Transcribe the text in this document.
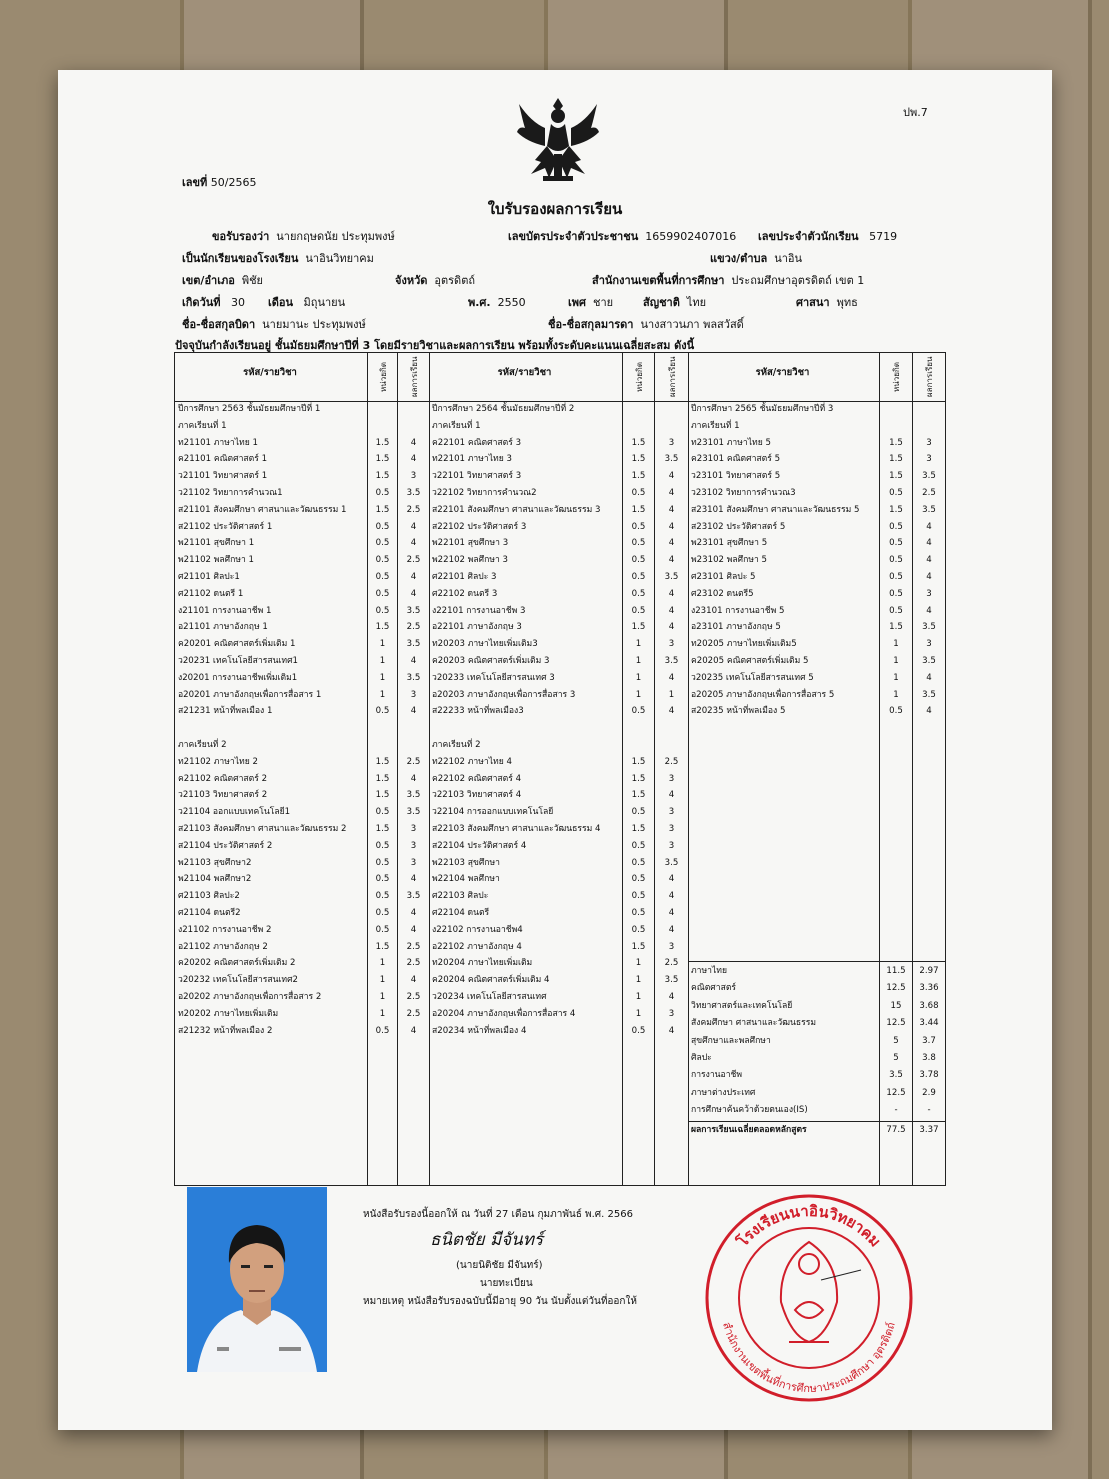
ปพ.7
เลขที่ 50/2565
ใบรับรองผลการเรียน
ขอรับรองว่า นายกฤษดนัย ประทุมพงษ์	เลขบัตรประจำตัวประชาชน 1659902407016 เลขประจำตัวนักเรียน 5719
เป็นนักเรียนของโรงเรียน นาอินวิทยาคม	แขวง/ตำบล นาอิน
เขต/อำเภอ พิชัย	จังหวัด อุตรดิตถ์	สำนักงานเขตพื้นที่การศึกษา ประถมศึกษาอุตรดิตถ์ เขต 1
เกิดวันที่ 30 เดือน มิถุนายน	พ.ศ. 2550	เพศ ชาย	สัญชาติ ไทย	ศาสนา พุทธ
ชื่อ-ชื่อสกุลบิดา นายมานะ ประทุมพงษ์	ชื่อ-ชื่อสกุลมารดา นางสาวนภา พลสวัสดิ์
ปัจจุบันกำลังเรียนอยู่ ชั้นมัธยมศึกษาปีที่ 3 โดยมีรายวิชาและผลการเรียน พร้อมทั้งระดับคะแนนเฉลี่ยสะสม ดังนี้
รหัส/รายวิชา	หน่วยกิต	ผลการเรียน	รหัส/รายวิชา	หน่วยกิต	ผลการเรียน	รหัส/รายวิชา	หน่วยกิต	ผลการเรียน
ปีการศึกษา 2563 ชั้นมัธยมศึกษาปีที่ 1
ภาคเรียนที่ 1
ท21101 ภาษาไทย 1	1.5	4
ค21101 คณิตศาสตร์ 1	1.5	4
ว21101 วิทยาศาสตร์ 1	1.5	3
ว21102 วิทยาการคำนวณ1	0.5	3.5
ส21101 สังคมศึกษา ศาสนาและวัฒนธรรม 1	1.5	2.5
ส21102 ประวัติศาสตร์ 1	0.5	4
พ21101 สุขศึกษา 1	0.5	4
พ21102 พลศึกษา 1	0.5	2.5
ศ21101 ศิลปะ1	0.5	4
ศ21102 ดนตรี 1	0.5	4
ง21101 การงานอาชีพ 1	0.5	3.5
อ21101 ภาษาอังกฤษ 1	1.5	2.5
ค20201 คณิตศาสตร์เพิ่มเติม 1	1	3.5
ว20231 เทคโนโลยีสารสนเทศ1	1	4
ง20201 การงานอาชีพเพิ่มเติม1	1	3.5
อ20201 ภาษาอังกฤษเพื่อการสื่อสาร 1	1	3
ส21231 หน้าที่พลเมือง 1	0.5	4
ภาคเรียนที่ 2
ท21102 ภาษาไทย 2	1.5	2.5
ค21102 คณิตศาสตร์ 2	1.5	4
ว21103 วิทยาศาสตร์ 2	1.5	3.5
ว21104 ออกแบบเทคโนโลยี1	0.5	3.5
ส21103 สังคมศึกษา ศาสนาและวัฒนธรรม 2	1.5	3
ส21104 ประวัติศาสตร์ 2	0.5	3
พ21103 สุขศึกษา2	0.5	3
พ21104 พลศึกษา2	0.5	4
ศ21103 ศิลปะ2	0.5	3.5
ศ21104 ดนตรี2	0.5	4
ง21102 การงานอาชีพ 2	0.5	4
อ21102 ภาษาอังกฤษ 2	1.5	2.5
ค20202 คณิตศาสตร์เพิ่มเติม 2	1	2.5
ว20232 เทคโนโลยีสารสนเทศ2	1	4
อ20202 ภาษาอังกฤษเพื่อการสื่อสาร 2	1	2.5
ท20202 ภาษาไทยเพิ่มเติม	1	2.5
ส21232 หน้าที่พลเมือง 2	0.5	4
ปีการศึกษา 2564 ชั้นมัธยมศึกษาปีที่ 2
ภาคเรียนที่ 1
ค22101 คณิตศาสตร์ 3	1.5	3
ท22101 ภาษาไทย 3	1.5	3.5
ว22101 วิทยาศาสตร์ 3	1.5	4
ว22102 วิทยาการคำนวณ2	0.5	4
ส22101 สังคมศึกษา ศาสนาและวัฒนธรรม 3	1.5	4
ส22102 ประวัติศาสตร์ 3	0.5	4
พ22101 สุขศึกษา 3	0.5	4
พ22102 พลศึกษา 3	0.5	4
ศ22101 ศิลปะ 3	0.5	3.5
ศ22102 ดนตรี 3	0.5	4
ง22101 การงานอาชีพ 3	0.5	4
อ22101 ภาษาอังกฤษ 3	1.5	4
ท20203 ภาษาไทยเพิ่มเติม3	1	3
ค20203 คณิตศาสตร์เพิ่มเติม 3	1	3.5
ว20233 เทคโนโลยีสารสนเทศ 3	1	4
อ20203 ภาษาอังกฤษเพื่อการสื่อสาร 3	1	1
ส22233 หน้าที่พลเมือง3	0.5	4
ภาคเรียนที่ 2
ท22102 ภาษาไทย 4	1.5	2.5
ค22102 คณิตศาสตร์ 4	1.5	3
ว22103 วิทยาศาสตร์ 4	1.5	4
ว22104 การออกแบบเทคโนโลยี	0.5	3
ส22103 สังคมศึกษา ศาสนาและวัฒนธรรม 4	1.5	3
ส22104 ประวัติศาสตร์ 4	0.5	3
พ22103 สุขศึกษา	0.5	3.5
พ22104 พลศึกษา	0.5	4
ศ22103 ศิลปะ	0.5	4
ศ22104 ดนตรี	0.5	4
ง22102 การงานอาชีพ4	0.5	4
อ22102 ภาษาอังกฤษ 4	1.5	3
ท20204 ภาษาไทยเพิ่มเติม	1	2.5
ค20204 คณิตศาสตร์เพิ่มเติม 4	1	3.5
ว20234 เทคโนโลยีสารสนเทศ	1	4
อ20204 ภาษาอังกฤษเพื่อการสื่อสาร 4	1	3
ส20234 หน้าที่พลเมือง 4	0.5	4
ปีการศึกษา 2565 ชั้นมัธยมศึกษาปีที่ 3
ภาคเรียนที่ 1
ท23101 ภาษาไทย 5	1.5	3
ค23101 คณิตศาสตร์ 5	1.5	3
ว23101 วิทยาศาสตร์ 5	1.5	3.5
ว23102 วิทยาการคำนวณ3	0.5	2.5
ส23101 สังคมศึกษา ศาสนาและวัฒนธรรม 5	1.5	3.5
ส23102 ประวัติศาสตร์ 5	0.5	4
พ23101 สุขศึกษา 5	0.5	4
พ23102 พลศึกษา 5	0.5	4
ศ23101 ศิลปะ 5	0.5	4
ศ23102 ดนตรี5	0.5	3
ง23101 การงานอาชีพ 5	0.5	4
อ23101 ภาษาอังกฤษ 5	1.5	3.5
ท20205 ภาษาไทยเพิ่มเติม5	1	3
ค20205 คณิตศาสตร์เพิ่มเติม 5	1	3.5
ว20235 เทคโนโลยีสารสนเทศ 5	1	4
อ20205 ภาษาอังกฤษเพื่อการสื่อสาร 5	1	3.5
ส20235 หน้าที่พลเมือง 5	0.5	4
ภาษาไทย	11.5	2.97
คณิตศาสตร์	12.5	3.36
วิทยาศาสตร์และเทคโนโลยี	15	3.68
สังคมศึกษา ศาสนาและวัฒนธรรม	12.5	3.44
สุขศึกษาและพลศึกษา	5	3.7
ศิลปะ	5	3.8
การงานอาชีพ	3.5	3.78
ภาษาต่างประเทศ	12.5	2.9
การศึกษาค้นคว้าด้วยตนเอง(IS)	-	-
ผลการเรียนเฉลี่ยตลอดหลักสูตร	77.5	3.37
หนังสือรับรองนี้ออกให้ ณ วันที่ 27 เดือน กุมภาพันธ์ พ.ศ. 2566
ธนิตชัย มีจันทร์
(นายนิติชัย มีจันทร์)
นายทะเบียน
หมายเหตุ หนังสือรับรองฉบับนี้มีอายุ 90 วัน นับตั้งแต่วันที่ออกให้
โรงเรียนนาอินวิทยาคม
สำนักงานเขตพื้นที่การศึกษาประถมศึกษา อุตรดิตถ์
